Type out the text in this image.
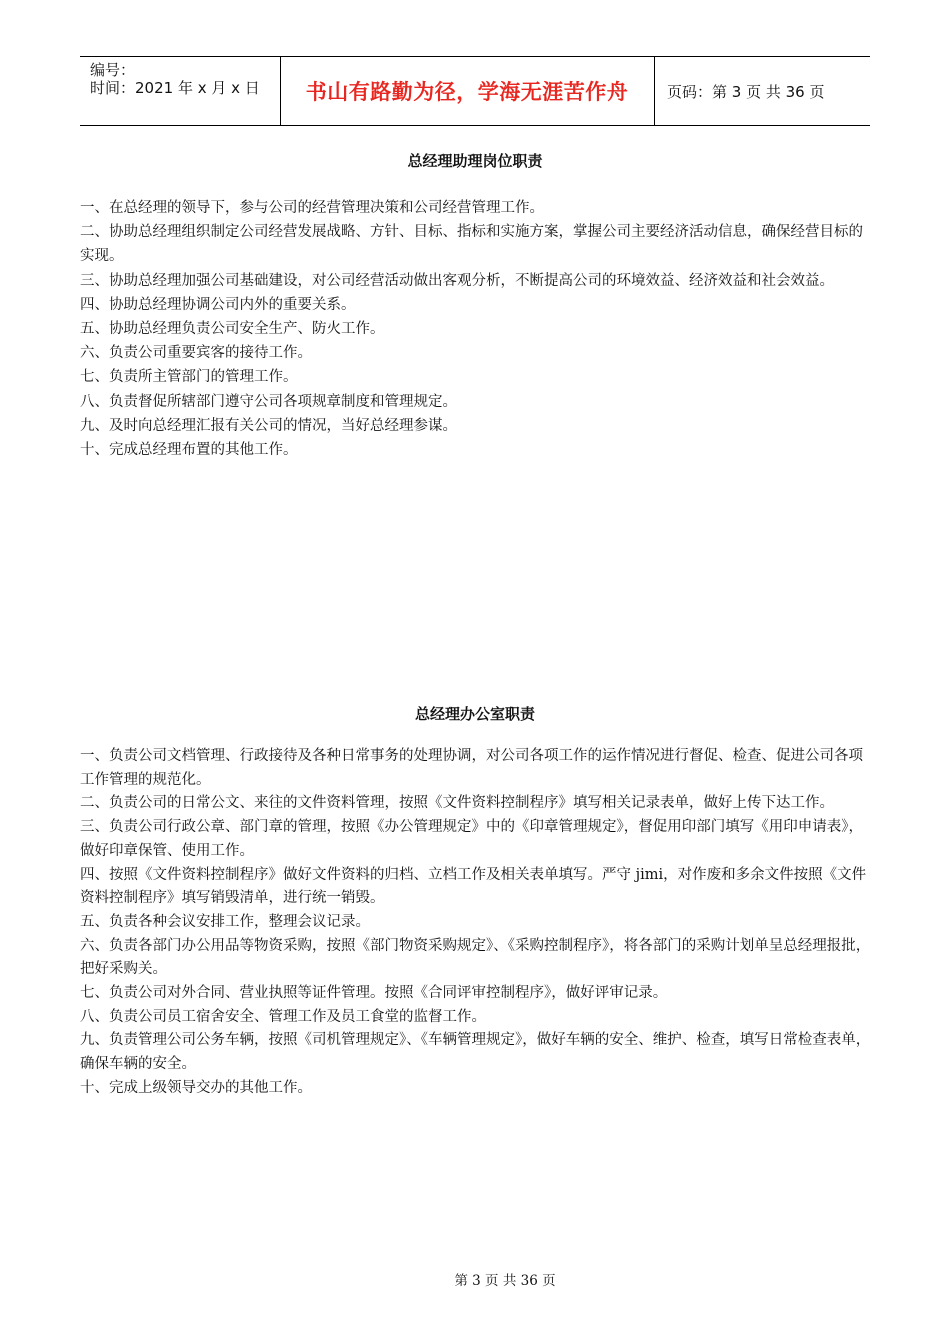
编号：
时间：2021 年 x 月 x 日 书山有路勤为径，学海无涯苦作舟	页码：第 3 页 共 36 页
总经理助理岗位职责
一、在总经理的领导下，参与公司的经营管理决策和公司经营管理工作。
二、协助总经理组织制定公司经营发展战略、方针、目标、指标和实施方案，掌握公司主要经济活动信息，确保经营目标的实现。
三、协助总经理加强公司基础建设，对公司经营活动做出客观分析，不断提高公司的环境效益、经济效益和社会效益。
四、协助总经理协调公司内外的重要关系。
五、协助总经理负责公司安全生产、防火工作。
六、负责公司重要宾客的接待工作。
七、负责所主管部门的管理工作。
八、负责督促所辖部门遵守公司各项规章制度和管理规定。
九、及时向总经理汇报有关公司的情况，当好总经理参谋。
十、完成总经理布置的其他工作。
总经理办公室职责
一、负责公司文档管理、行政接待及各种日常事务的处理协调，对公司各项工作的运作情况进行督促、检查、促进公司各项工作管理的规范化。
二、负责公司的日常公文、来往的文件资料管理，按照《文件资料控制程序》填写相关记录表单，做好上传下达工作。
三、负责公司行政公章、部门章的管理，按照《办公管理规定》中的《印章管理规定》，督促用印部门填写《用印申请表》，做好印章保管、使用工作。
四、按照《文件资料控制程序》做好文件资料的归档、立档工作及相关表单填写。严守 jimi，对作废和多余文件按照《文件资料控制程序》填写销毁清单，进行统一销毁。
五、负责各种会议安排工作，整理会议记录。
六、负责各部门办公用品等物资采购，按照《部门物资采购规定》、《采购控制程序》，将各部门的采购计划单呈总经理报批，把好采购关。
七、负责公司对外合同、营业执照等证件管理。按照《合同评审控制程序》，做好评审记录。
八、负责公司员工宿舍安全、管理工作及员工食堂的监督工作。
九、负责管理公司公务车辆，按照《司机管理规定》、《车辆管理规定》，做好车辆的安全、维护、检查，填写日常检查表单，确保车辆的安全。
十、完成上级领导交办的其他工作。
第 3 页 共 36 页
